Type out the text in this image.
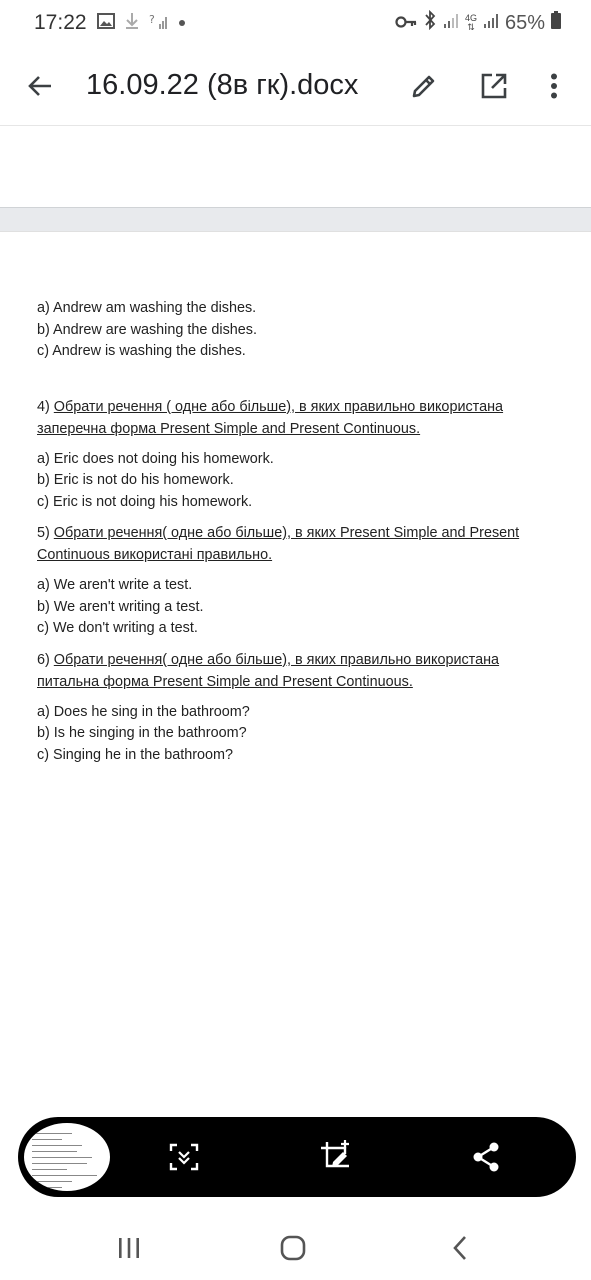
17:22	?	4G
⇅ 65%
16.09.22 (8в гк).docx
a) Andrew am washing the dishes.
b) Andrew are washing the dishes.
c) Andrew is washing the dishes.
4) Обрати речення ( одне або більше), в яких правильно використана
заперечна форма Present Simple and Present Continuous.
a) Eric does not doing his homework.
b) Eric is not do his homework.
c) Eric is not doing his homework.
5) Обрати речення( одне або більше), в яких Present Simple and Present
Continuous використані правильно.
a) We aren't write a test.
b) We aren't writing a test.
c) We don't writing a test.
6) Обрати речення( одне або більше), в яких правильно використана
питальна форма Present Simple and Present Continuous.
a) Does he sing in the bathroom?
b) Is he singing in the bathroom?
c) Singing he in the bathroom?
